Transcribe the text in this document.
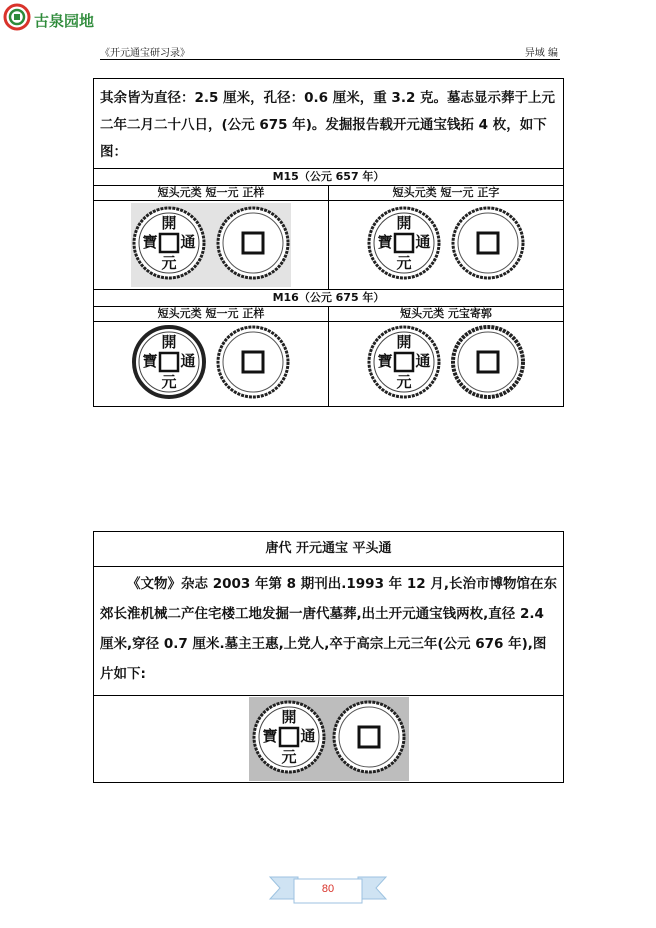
古泉园地
《开元通宝研习录》	异域 编
其余皆为直径：2.5 厘米，孔径：0.6 厘米，重 3.2 克。墓志显示葬于上元二年二月二十八日，(公元 675 年)。发掘报告载开元通宝钱拓 4 枚，如下图：	
M15（公元 657 年）	
短头元类 短一元 正样	短头元类 短一元 正字

開
通
元
寶	開
通
元
寶

M16（公元 675 年）	
短头元类 短一元 正样	短头元类 元宝寄郭

開
通
元
寶	開
通
元
寶
唐代 开元通宝 平头通
《文物》杂志 2003 年第 8 期刊出.1993 年 12 月,长治市博物馆在东郊长淮机械二产住宅楼工地发掘一唐代墓葬,出土开元通宝钱两枚,直径 2.4 厘米,穿径 0.7 厘米.墓主王惠,上党人,卒于高宗上元三年(公元 676 年),图片如下:

開
通
元
寶
80
